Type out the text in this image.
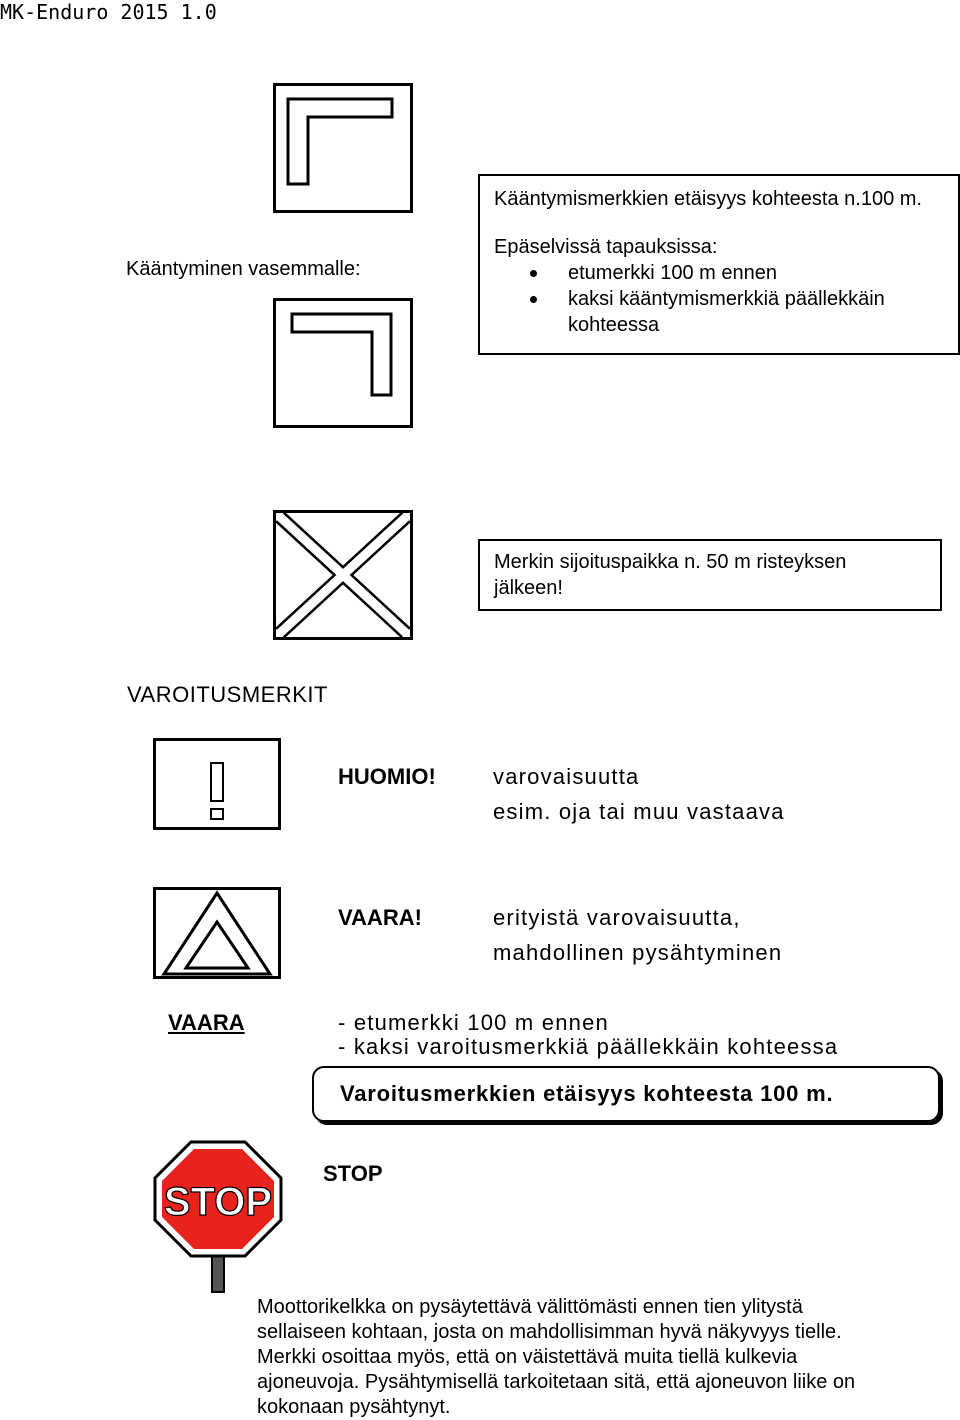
MK-Enduro 2015 1.0
Kääntyminen vasemmalle:
Kääntymismerkkien etäisyys kohteesta n.100 m.
Epäselvissä tapauksissa:
etumerkki 100 m ennen
kaksi kääntymismerkkiä päällekkäin
kohteessa
Merkin sijoituspaikka n. 50 m risteyksen
jälkeen!
VAROITUSMERKIT
HUOMIO!	varovaisuutta
esim. oja tai muu vastaava
VAARA!	erityistä varovaisuutta,
mahdollinen pysähtyminen
VAARA	- etumerkki 100 m ennen
- kaksi varoitusmerkkiä päällekkäin kohteessa
Varoitusmerkkien etäisyys kohteesta 100 m.
STOP
STOP
Moottorikelkka on pysäytettävä välittömästi ennen tien ylitystä
sellaiseen kohtaan, josta on mahdollisimman hyvä näkyvyys tielle.
Merkki osoittaa myös, että on väistettävä muita tiellä kulkevia
ajoneuvoja. Pysähtymisellä tarkoitetaan sitä, että ajoneuvon liike on
kokonaan pysähtynyt.
